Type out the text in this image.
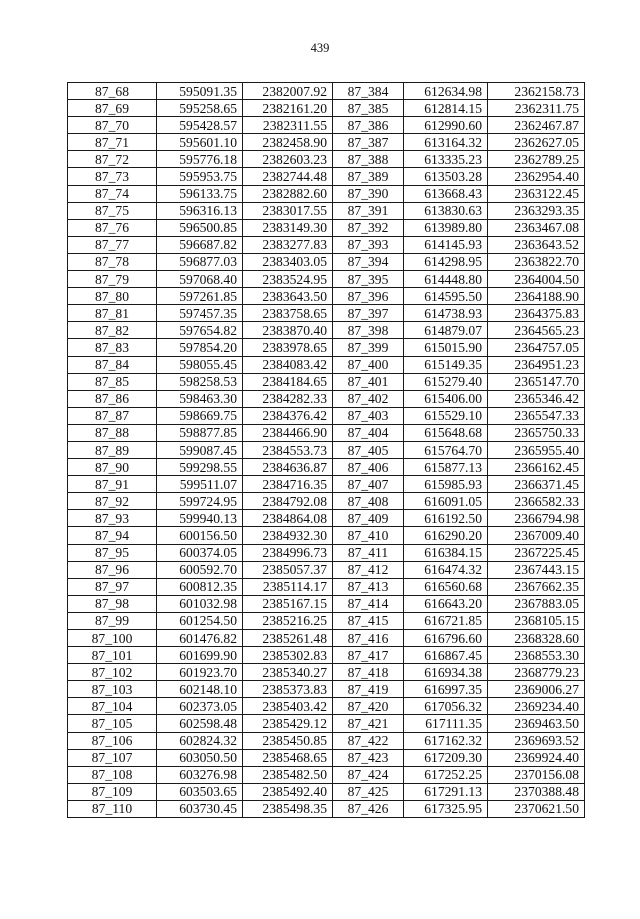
439
87_68	595091.35	2382007.92	87_384	612634.98	2362158.73
87_69	595258.65	2382161.20	87_385	612814.15	2362311.75
87_70	595428.57	2382311.55	87_386	612990.60	2362467.87
87_71	595601.10	2382458.90	87_387	613164.32	2362627.05
87_72	595776.18	2382603.23	87_388	613335.23	2362789.25
87_73	595953.75	2382744.48	87_389	613503.28	2362954.40
87_74	596133.75	2382882.60	87_390	613668.43	2363122.45
87_75	596316.13	2383017.55	87_391	613830.63	2363293.35
87_76	596500.85	2383149.30	87_392	613989.80	2363467.08
87_77	596687.82	2383277.83	87_393	614145.93	2363643.52
87_78	596877.03	2383403.05	87_394	614298.95	2363822.70
87_79	597068.40	2383524.95	87_395	614448.80	2364004.50
87_80	597261.85	2383643.50	87_396	614595.50	2364188.90
87_81	597457.35	2383758.65	87_397	614738.93	2364375.83
87_82	597654.82	2383870.40	87_398	614879.07	2364565.23
87_83	597854.20	2383978.65	87_399	615015.90	2364757.05
87_84	598055.45	2384083.42	87_400	615149.35	2364951.23
87_85	598258.53	2384184.65	87_401	615279.40	2365147.70
87_86	598463.30	2384282.33	87_402	615406.00	2365346.42
87_87	598669.75	2384376.42	87_403	615529.10	2365547.33
87_88	598877.85	2384466.90	87_404	615648.68	2365750.33
87_89	599087.45	2384553.73	87_405	615764.70	2365955.40
87_90	599298.55	2384636.87	87_406	615877.13	2366162.45
87_91	599511.07	2384716.35	87_407	615985.93	2366371.45
87_92	599724.95	2384792.08	87_408	616091.05	2366582.33
87_93	599940.13	2384864.08	87_409	616192.50	2366794.98
87_94	600156.50	2384932.30	87_410	616290.20	2367009.40
87_95	600374.05	2384996.73	87_411	616384.15	2367225.45
87_96	600592.70	2385057.37	87_412	616474.32	2367443.15
87_97	600812.35	2385114.17	87_413	616560.68	2367662.35
87_98	601032.98	2385167.15	87_414	616643.20	2367883.05
87_99	601254.50	2385216.25	87_415	616721.85	2368105.15
87_100	601476.82	2385261.48	87_416	616796.60	2368328.60
87_101	601699.90	2385302.83	87_417	616867.45	2368553.30
87_102	601923.70	2385340.27	87_418	616934.38	2368779.23
87_103	602148.10	2385373.83	87_419	616997.35	2369006.27
87_104	602373.05	2385403.42	87_420	617056.32	2369234.40
87_105	602598.48	2385429.12	87_421	617111.35	2369463.50
87_106	602824.32	2385450.85	87_422	617162.32	2369693.52
87_107	603050.50	2385468.65	87_423	617209.30	2369924.40
87_108	603276.98	2385482.50	87_424	617252.25	2370156.08
87_109	603503.65	2385492.40	87_425	617291.13	2370388.48
87_110	603730.45	2385498.35	87_426	617325.95	2370621.50
